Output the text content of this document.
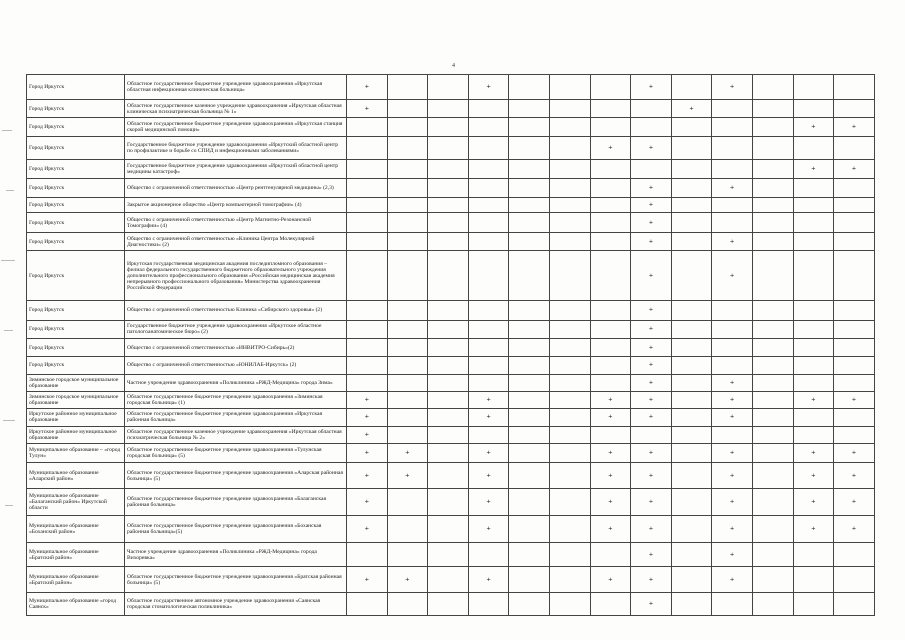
4
Город Иркутск	Областное государственное бюджетное учреждение здравоохранения «Иркутская областная инфекционная клиническая больница»	+			+				+		+			
Город Иркутск	Областное государственное казенное учреждение здравоохранения «Иркутская областная клиническая психиатрическая больница № 1»	+								+				
Город Иркутск	Областное государственное бюджетное учреждение здравоохранения «Иркутская станция скорой медицинской помощи»												+	+
Город Иркутск	Государственное бюджетное учреждение здравоохранения «Иркутский областной центр по профилактике и борьбе со СПИД и инфекционными заболеваниями»							+	+					
Город Иркутск	Государственное бюджетное учреждение здравоохранения «Иркутский областной центр медицины катастроф»												+	+
Город Иркутск	Общество с ограниченной ответственностью «Центр рентгенулярной медицины» (2,3)								+		+			
Город Иркутск	Закрытое акционерное общество «Центр компьютерной томографии» (4)								+					
Город Иркутск	Общество с ограниченной ответственностью «Центр Магнитно-Резонансной Томографии» (4)								+					
Город Иркутск	Общество с ограниченной ответственностью «Клиника Центра Молекулярной Диагностики» (2)								+		+			
Город Иркутск	Иркутская государственная медицинская академия последипломного образования – филиал федерального государственного бюджетного образовательного учреждения дополнительного профессионального образования «Российская медицинская академия непрерывного профессионального образования» Министерства здравоохранения Российской Федерации								+		+			
Город Иркутск	Общество с ограниченной ответственностью Клиника «Сибирского здоровья» (2)								+					
Город Иркутск	Государственное бюджетное учреждение здравоохранения «Иркутское областное патологоанатомическое бюро» (2)								+					
Город Иркутск	Общество с ограниченной ответственностью «ИНВИТРО-Сибирь»(2)								+					
Город Иркутск	Общество с ограниченной ответственностью «ЮНИЛАБ-Иркутск» (2)								+					
Зиминское городское муниципальное образование	Частное учреждение здравоохранения «Поликлиника «РЖД-Медицина» города Зима»								+		+			
Зиминское городское муниципальное образование	Областное государственное бюджетное учреждение здравоохранения «Зиминская городская больница» (1)	+			+			+	+		+		+	+
Иркутское районное муниципальное образование	Областное государственное бюджетное учреждение здравоохранения «Иркутская районная больница»	+			+			+	+		+			
Иркутское районное муниципальное образование	Областное государственное казенное учреждение здравоохранения «Иркутская областная психиатрическая больница № 2»	+												
Муниципальное образование – «город Тулун»	Областное государственное бюджетное учреждение здравоохранения «Тулунская городская больница» (5)	+	+		+			+	+		+		+	+
Муниципальное образование «Аларский район»	Областное государственное бюджетное учреждение здравоохранения «Аларская районная больница» (5)	+	+		+			+	+		+		+	+
Муниципальное образование «Балаганский район» Иркутской области	Областное государственное бюджетное учреждение здравоохранения «Балаганская районная больница»	+			+			+	+		+		+	+
Муниципальное образование «Боханский район»	Областное государственное бюджетное учреждение здравоохранения «Боханская районная больница»(5)	+			+			+	+		+		+	+
Муниципальное образование «Братский район»	Частное учреждение здравоохранения «Поликлиника «РЖД-Медицина» города Вихоревка»								+		+			
Муниципальное образование «Братский район»	Областное государственное бюджетное учреждение здравоохранения «Братская районная больница» (5)	+	+		+			+	+		+			
Муниципальное образование «город Саянск»	Областное государственное автономное учреждение здравоохранения «Саянская городская стоматологическая поликлиника»								+					
